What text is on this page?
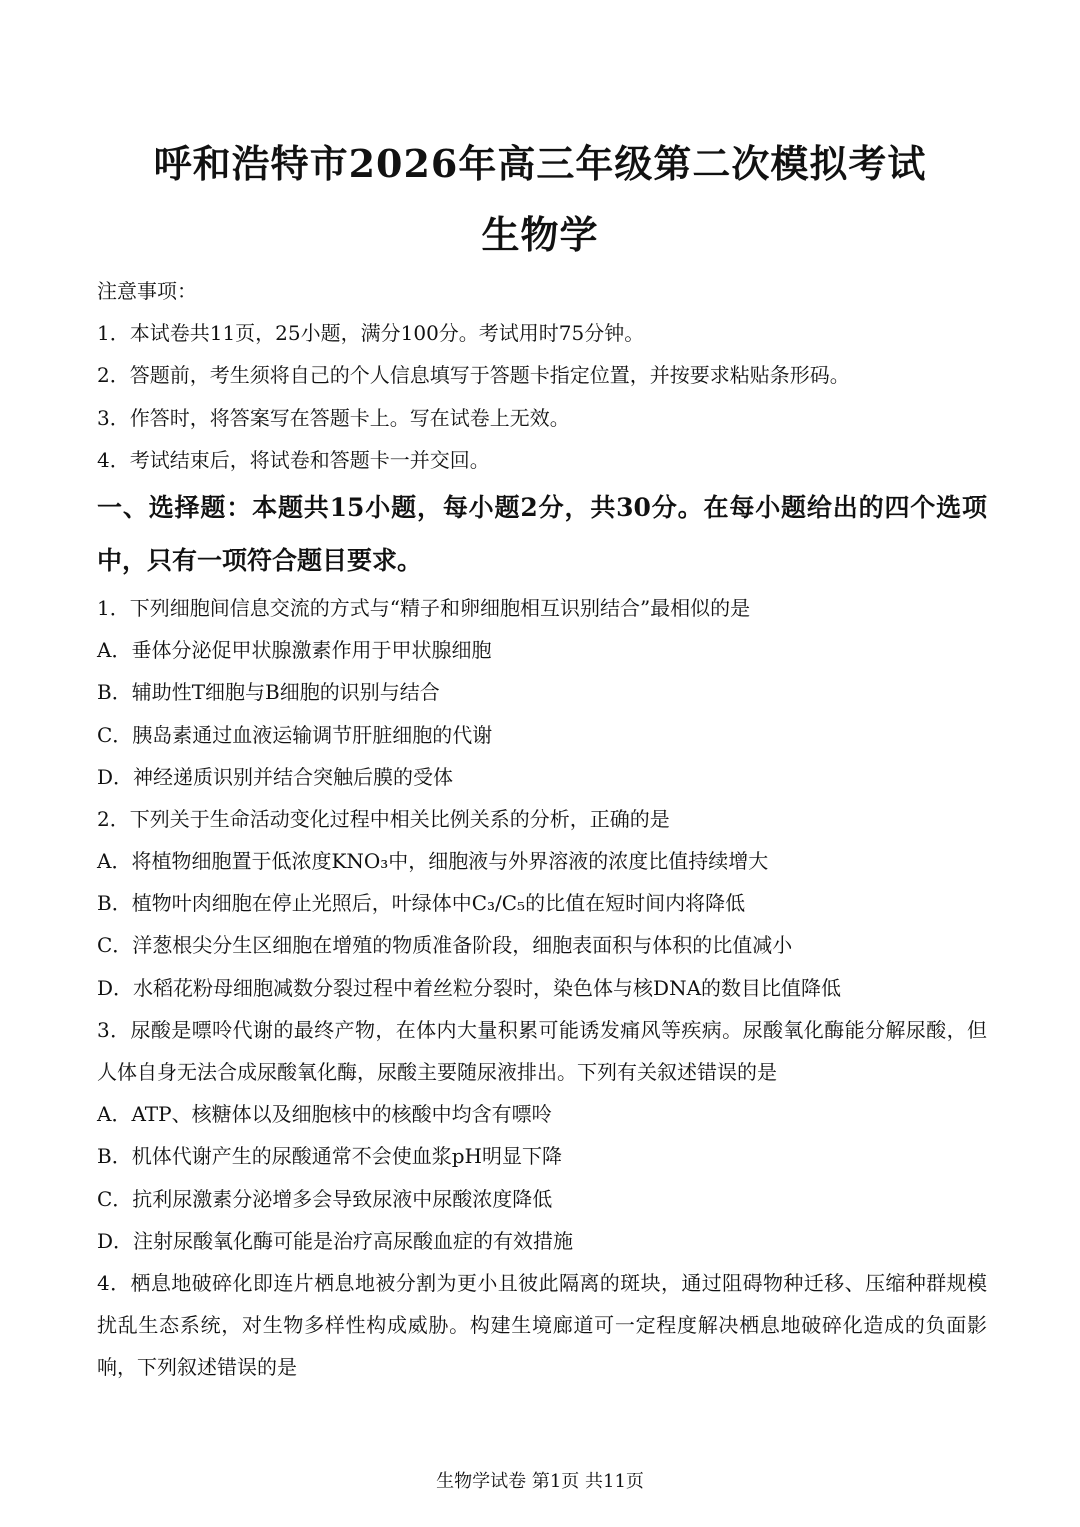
呼和浩特市2026年高三年级第二次模拟考试
生物学

注意事项：

1．本试卷共11页，25小题，满分100分。考试用时75分钟。

2．答题前，考生须将自己的个人信息填写于答题卡指定位置，并按要求粘贴条形码。

3．作答时，将答案写在答题卡上。写在试卷上无效。

4．考试结束后，将试卷和答题卡一并交回。

一、选择题：本题共15小题，每小题2分，共30分。在每小题给出的四个选项中，只有一项符合题目要求。

1．下列细胞间信息交流的方式与“精子和卵细胞相互识别结合”最相似的是

A．垂体分泌促甲状腺激素作用于甲状腺细胞

B．辅助性T细胞与B细胞的识别与结合

C．胰岛素通过血液运输调节肝脏细胞的代谢

D．神经递质识别并结合突触后膜的受体

2．下列关于生命活动变化过程中相关比例关系的分析，正确的是

A．将植物细胞置于低浓度KNO₃中，细胞液与外界溶液的浓度比值持续增大

B．植物叶肉细胞在停止光照后，叶绿体中C₃/C₅的比值在短时间内将降低

C．洋葱根尖分生区细胞在增殖的物质准备阶段，细胞表面积与体积的比值减小

D．水稻花粉母细胞减数分裂过程中着丝粒分裂时，染色体与核DNA的数目比值降低

3．尿酸是嘌呤代谢的最终产物，在体内大量积累可能诱发痛风等疾病。尿酸氧化酶能分解尿酸，但人体自身无法合成尿酸氧化酶，尿酸主要随尿液排出。下列有关叙述错误的是

A．ATP、核糖体以及细胞核中的核酸中均含有嘌呤

B．机体代谢产生的尿酸通常不会使血浆pH明显下降

C．抗利尿激素分泌增多会导致尿液中尿酸浓度降低

D．注射尿酸氧化酶可能是治疗高尿酸血症的有效措施

4．栖息地破碎化即连片栖息地被分割为更小且彼此隔离的斑块，通过阻碍物种迁移、压缩种群规模扰乱生态系统，对生物多样性构成威胁。构建生境廊道可一定程度解决栖息地破碎化造成的负面影响，下列叙述错误的是

生物学试卷 第1页 共11页
